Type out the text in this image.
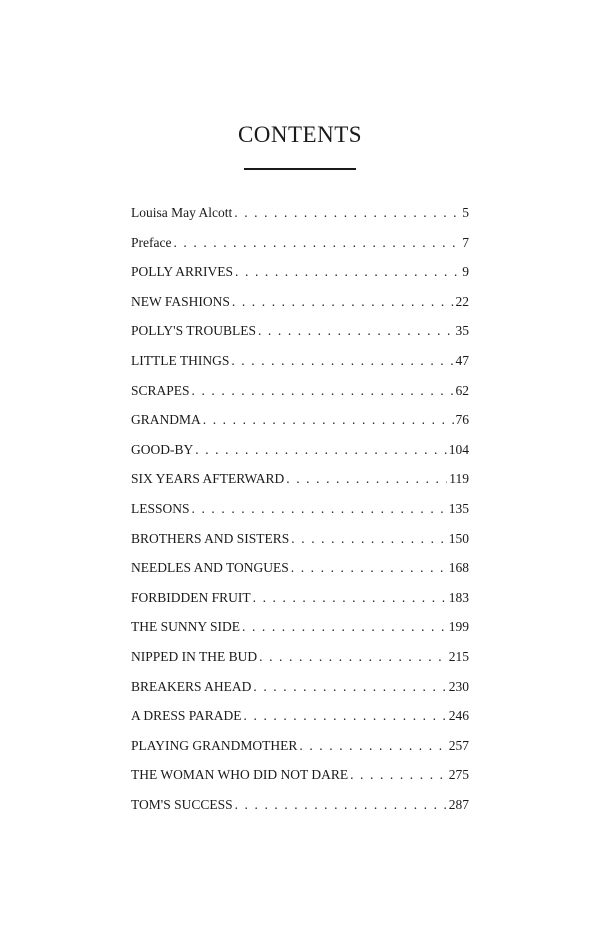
CONTENTS
Louisa May Alcott . . .	5
Preface . . .	7
POLLY ARRIVES . . .	9
NEW FASHIONS . . .	22
POLLY'S TROUBLES . . .	35
LITTLE THINGS . . .	47
SCRAPES . . .	62
GRANDMA . . .	76
GOOD-BY . . .	104
SIX YEARS AFTERWARD . . .	119
LESSONS . . .	135
BROTHERS AND SISTERS . . .	150
NEEDLES AND TONGUES . . .	168
FORBIDDEN FRUIT . . .	183
THE SUNNY SIDE . . .	199
NIPPED IN THE BUD . . .	215
BREAKERS AHEAD . . .	230
A DRESS PARADE . . .	246
PLAYING GRANDMOTHER . . .	257
THE WOMAN WHO DID NOT DARE . . .	275
TOM'S SUCCESS . . .	287
